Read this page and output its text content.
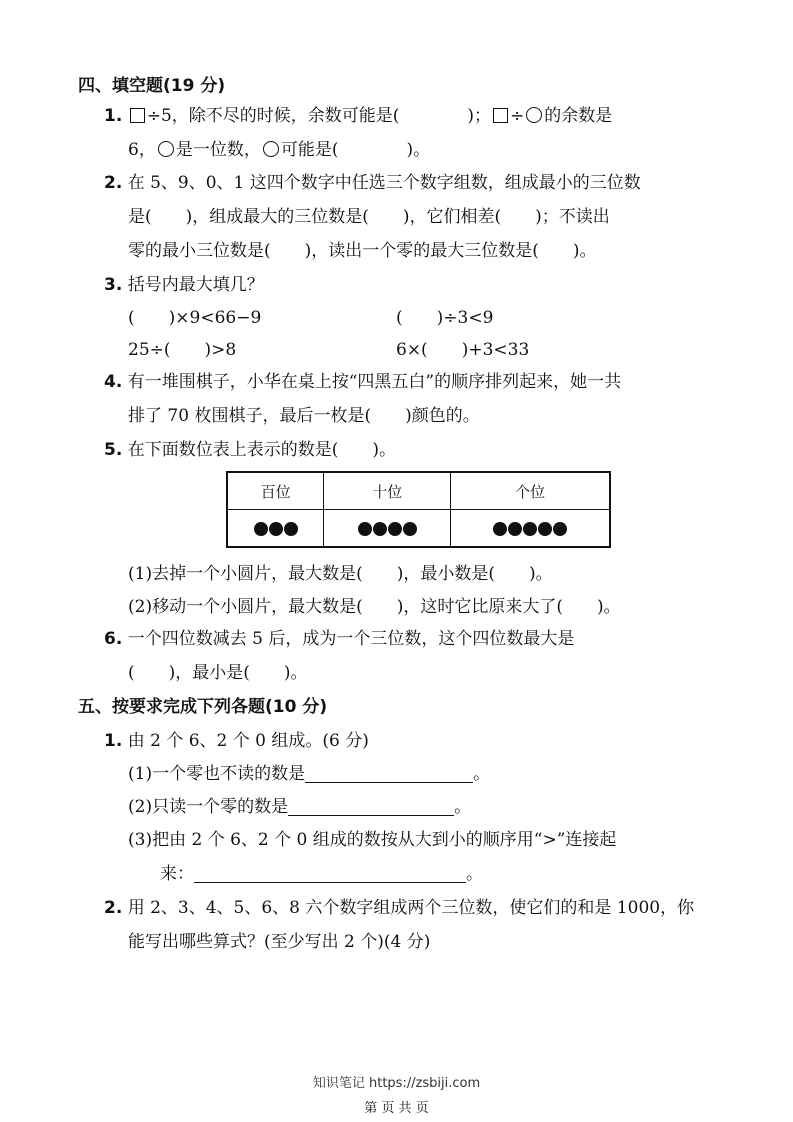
四、填空题(19 分)
1. ÷5，除不尽的时候，余数可能是(　　　　)； ÷ 的余数是
6， 是一位数， 可能是(　　　　)。
2. 在 5、9、0、1 这四个数字中任选三个数字组数，组成最小的三位数
是(　　)，组成最大的三位数是(　　)，它们相差(　　)；不读出
零的最小三位数是(　　)，读出一个零的最大三位数是(　　)。
3. 括号内最大填几？
(　　)×9<66−9	(　　)÷3<9
25÷(　　)>8	6×(　　)+3<33
4. 有一堆围棋子，小华在桌上按“四黑五白”的顺序排列起来，她一共
排了 70 枚围棋子，最后一枚是(　　)颜色的。
5. 在下面数位表上表示的数是(　　)。
百位	十位	个位

(1)去掉一个小圆片，最大数是(　　)，最小数是(　　)。
(2)移动一个小圆片，最大数是(　　)，这时它比原来大了(　　)。
6. 一个四位数减去 5 后，成为一个三位数，这个四位数最大是
(　　)，最小是(　　)。
五、按要求完成下列各题(10 分)
1. 由 2 个 6、2 个 0 组成。(6 分)
(1)一个零也不读的数是	。
(2)只读一个零的数是	。
(3)把由 2 个 6、2 个 0 组成的数按从大到小的顺序用“>”连接起
来：	。
2. 用 2、3、4、5、6、8 六个数字组成两个三位数，使它们的和是 1000，你
能写出哪些算式？(至少写出 2 个)(4 分)
知识笔记 https://zsbiji.com
第 页 共 页
